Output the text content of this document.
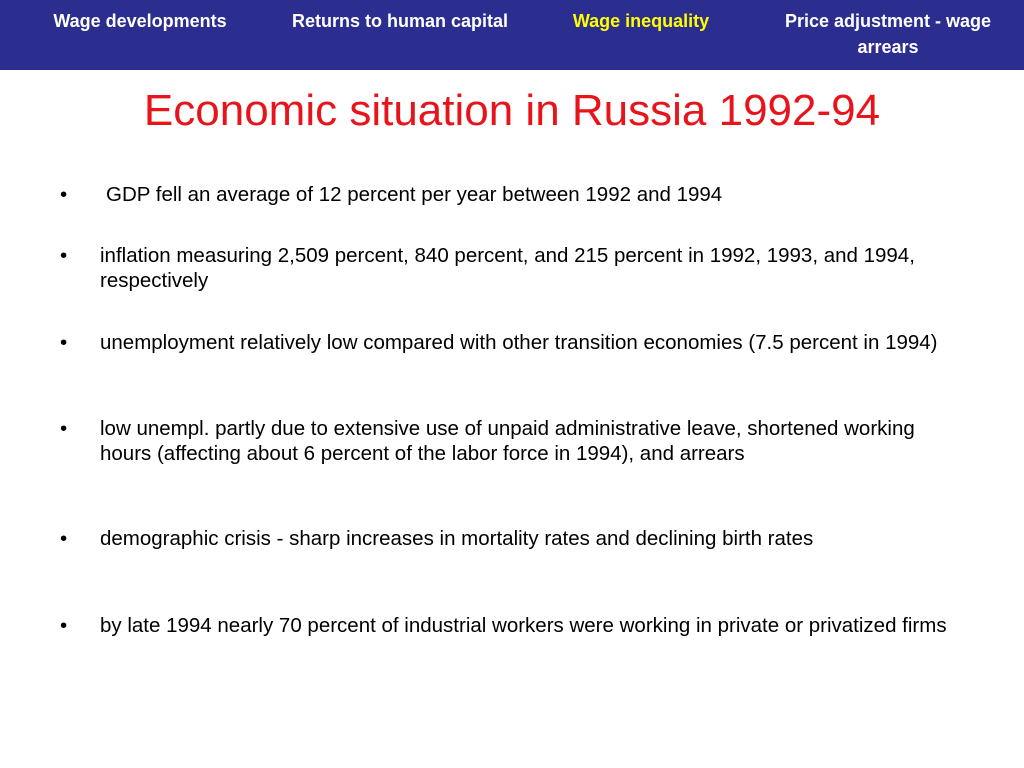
Wage developments	Returns to human capital	Wage inequality	Price adjustment - wage arrears
Economic situation in Russia 1992-94
•	GDP fell an average of 12 percent per year between 1992 and 1994
•	inflation measuring 2,509 percent, 840 percent, and 215 percent in 1992, 1993, and 1994, respectively
•	unemployment relatively low compared with other transition economies (7.5 percent in 1994)
•	low unempl. partly due to extensive use of unpaid administrative leave, shortened working hours (affecting about 6 percent of the labor force in 1994), and arrears
•	demographic crisis - sharp increases in mortality rates and declining birth rates
•	by late 1994 nearly 70 percent of industrial workers were working in private or privatized firms
